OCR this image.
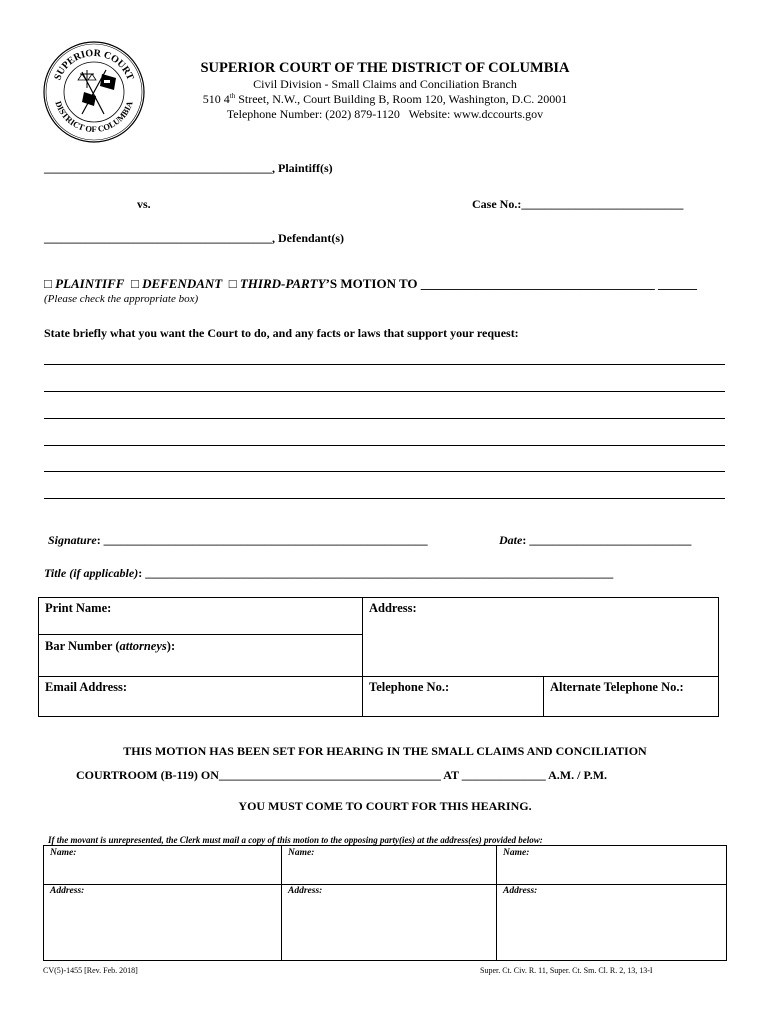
SUPERIOR COURT
DISTRICT OF COLUMBIA
SUPERIOR COURT OF THE DISTRICT OF COLUMBIA
Civil Division - Small Claims and Conciliation Branch
510 4th Street, N.W., Court Building B, Room 120, Washington, D.C. 20001
Telephone Number: (202) 879-1120 Website: www.dccourts.gov
______________________________________, Plaintiff(s)
vs.	Case No.:___________________________
______________________________________, Defendant(s)
□ PLAINTIFF □ DEFENDANT □ THIRD-PARTY’S MOTION TO ____________________________________ ______
(Please check the appropriate box)
State briefly what you want the Court to do, and any facts or laws that support your request:
Signature: ______________________________________________________	Date: ___________________________
Title (if applicable): ______________________________________________________________________________
Print Name:	Address:
Bar Number (attorneys):
Email Address:	Telephone No.:	Alternate Telephone No.:
THIS MOTION HAS BEEN SET FOR HEARING IN THE SMALL CLAIMS AND CONCILIATION
COURTROOM (B-119) ON_____________________________________ AT ______________ A.M. / P.M.
YOU MUST COME TO COURT FOR THIS HEARING.
If the movant is unrepresented, the Clerk must mail a copy of this motion to the opposing party(ies) at the address(es) provided below:
Name:	Name:	Name:
Address:	Address:	Address:
CV(5)-1455 [Rev. Feb. 2018]	Super. Ct. Civ. R. 11, Super. Ct. Sm. Cl. R. 2, 13, 13-I
